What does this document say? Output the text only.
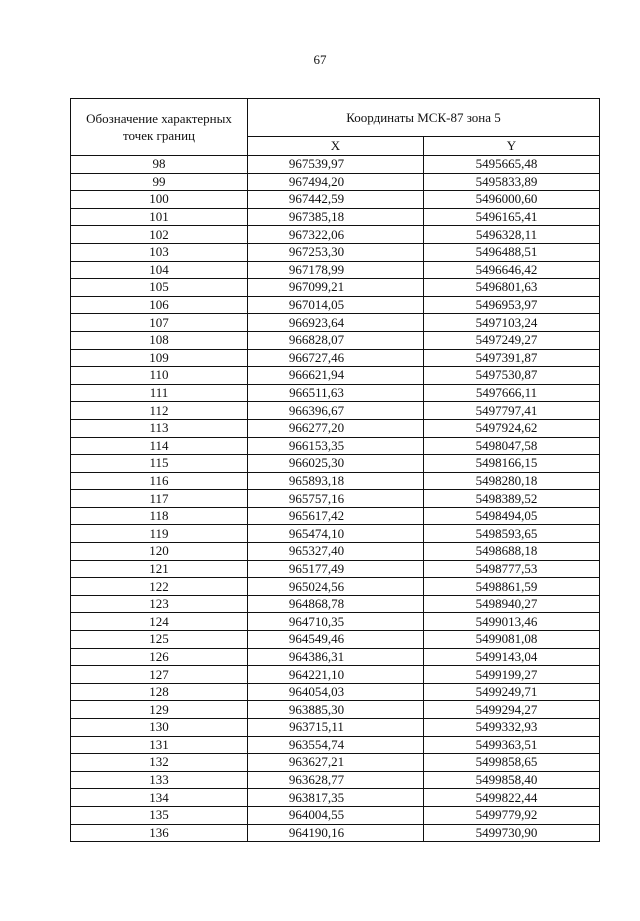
67
Обозначение характерных точек границ	Координаты МСК-87 зона 5	
	X	Y
98	967539,97	5495665,48
99	967494,20	5495833,89
100	967442,59	5496000,60
101	967385,18	5496165,41
102	967322,06	5496328,11
103	967253,30	5496488,51
104	967178,99	5496646,42
105	967099,21	5496801,63
106	967014,05	5496953,97
107	966923,64	5497103,24
108	966828,07	5497249,27
109	966727,46	5497391,87
110	966621,94	5497530,87
111	966511,63	5497666,11
112	966396,67	5497797,41
113	966277,20	5497924,62
114	966153,35	5498047,58
115	966025,30	5498166,15
116	965893,18	5498280,18
117	965757,16	5498389,52
118	965617,42	5498494,05
119	965474,10	5498593,65
120	965327,40	5498688,18
121	965177,49	5498777,53
122	965024,56	5498861,59
123	964868,78	5498940,27
124	964710,35	5499013,46
125	964549,46	5499081,08
126	964386,31	5499143,04
127	964221,10	5499199,27
128	964054,03	5499249,71
129	963885,30	5499294,27
130	963715,11	5499332,93
131	963554,74	5499363,51
132	963627,21	5499858,65
133	963628,77	5499858,40
134	963817,35	5499822,44
135	964004,55	5499779,92
136	964190,16	5499730,90
